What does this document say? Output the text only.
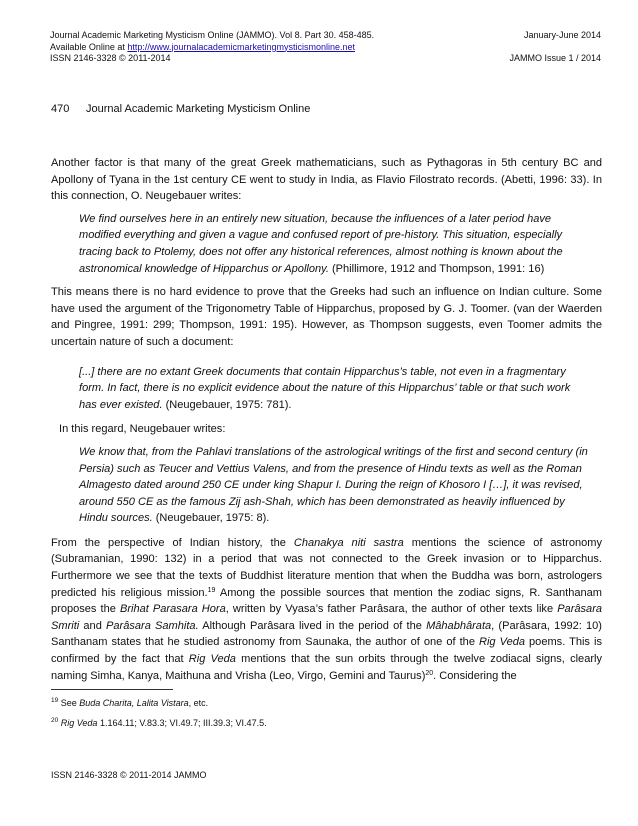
Journal Academic Marketing Mysticism Online (JAMMO). Vol 8. Part 30. 458-485.	January-June 2014
Available Online at http://www.journalacademicmarketingmysticismonline.net
ISSN 2146-3328 © 2011-2014	JAMMO Issue 1 / 2014
470 Journal Academic Marketing Mysticism Online

Another factor is that many of the great Greek mathematicians, such as Pythagoras in 5th century BC and Apollony of Tyana in the 1st century CE went to study in India, as Flavio Filostrato records. (Abetti, 1996: 33). In this connection, O. Neugebauer writes:

We find ourselves here in an entirely new situation, because the influences of a later period have modified everything and given a vague and confused report of pre-history. This situation, especially tracing back to Ptolemy, does not offer any historical references, almost nothing is known about the astronomical knowledge of Hipparchus or Apollony. (Phillimore, 1912 and Thompson, 1991: 16)

This means there is no hard evidence to prove that the Greeks had such an influence on Indian culture. Some have used the argument of the Trigonometry Table of Hipparchus, proposed by G. J. Toomer. (van der Waerden and Pingree, 1991: 299; Thompson, 1991: 195). However, as Thompson suggests, even Toomer admits the uncertain nature of such a document:

[...] there are no extant Greek documents that contain Hipparchus’s table, not even in a fragmentary form. In fact, there is no explicit evidence about the nature of this Hipparchus’ table or that such work has ever existed. (Neugebauer, 1975: 781).

In this regard, Neugebauer writes:

We know that, from the Pahlavi translations of the astrological writings of the first and second century (in Persia) such as Teucer and Vettius Valens, and from the presence of Hindu texts as well as the Roman Almagesto dated around 250 CE under king Shapur I. During the reign of Khosoro I […], it was revised, around 550 CE as the famous Zij ash-Shah, which has been demonstrated as heavily influenced by Hindu sources. (Neugebauer, 1975: 8).

From the perspective of Indian history, the Chanakya niti sastra mentions the science of astronomy (Subramanian, 1990: 132) in a period that was not connected to the Greek invasion or to Hipparchus. Furthermore we see that the texts of Buddhist literature mention that when the Buddha was born, astrologers predicted his religious mission.$^{19}$ Among the possible sources that mention the zodiac signs, R. Santhanam proposes the Brihat Parasara Hora, written by Vyasa’s father Parâsara, the author of other texts like Parâsara Smriti and Parâsara Samhita. Although Parâsara lived in the period of the Mâhabhârata, (Parâsara, 1992: 10) Santhanam states that he studied astronomy from Saunaka, the author of one of the Rig Veda poems. This is confirmed by the fact that Rig Veda mentions that the sun orbits through the twelve zodiacal signs, clearly naming Simha, Kanya, Maithuna and Vrisha (Leo, Virgo, Gemini and Taurus)$^{20}$. Considering the

$^{19}$ See Buda Charita, Lalita Vistara, etc.
$^{20}$ Rig Veda 1.164.11; V.83.3; VI.49.7; III.39.3; VI.47.5.
ISSN 2146-3328 © 2011-2014 JAMMO
